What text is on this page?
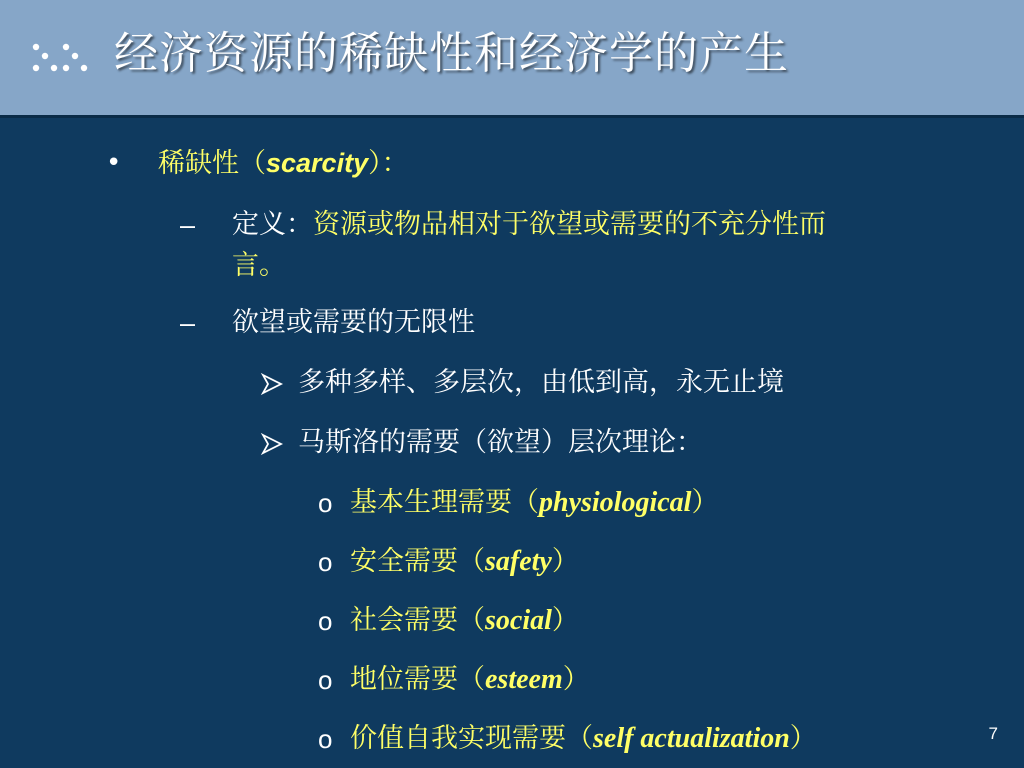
经济资源的稀缺性和经济学的产生
• 稀缺性（scarcity）：
– 定义：资源或物品相对于欲望或需要的不充分性而
言。
– 欲望或需要的无限性
多种多样、多层次，由低到高，永无止境
马斯洛的需要（欲望）层次理论：
o 基本生理需要（physiological）
o 安全需要（safety）
o 社会需要（social）
o 地位需要（esteem）
o 价值自我实现需要（self actualization）	7
